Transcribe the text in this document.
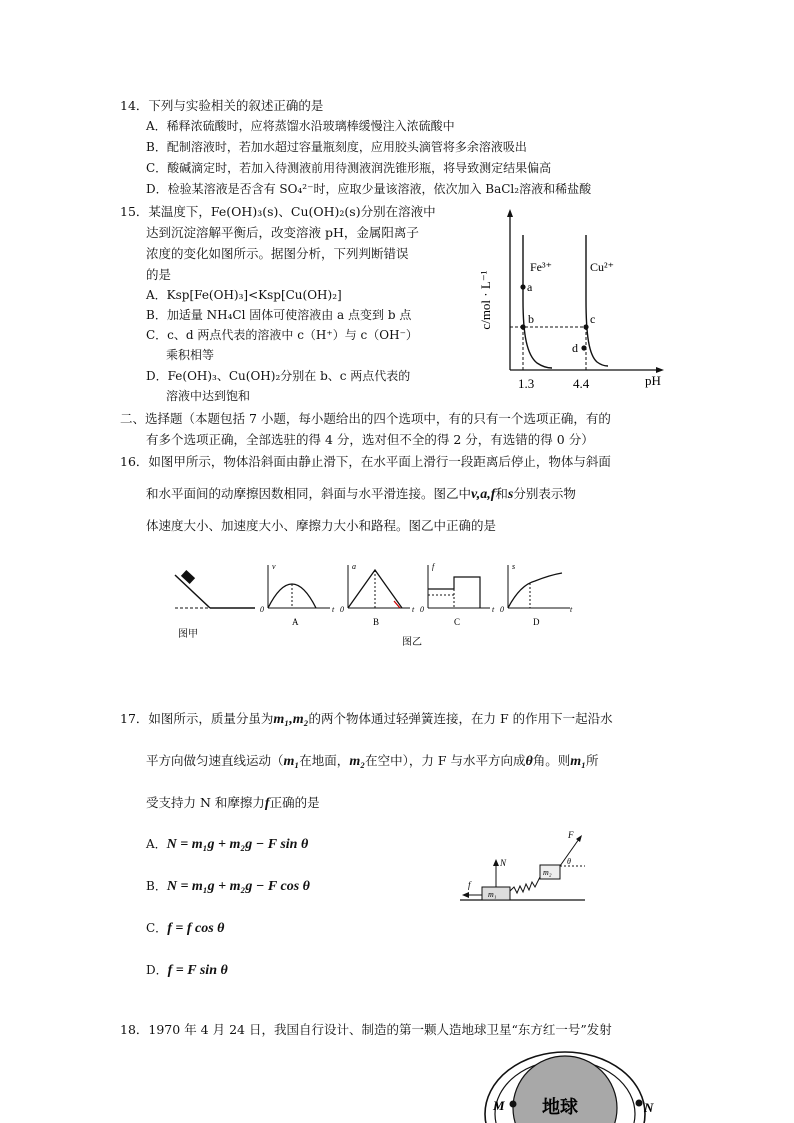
14．下列与实验相关的叙述正确的是
A．稀释浓硫酸时，应将蒸馏水沿玻璃棒缓慢注入浓硫酸中
B．配制溶液时，若加水超过容量瓶刻度，应用胶头滴管将多余溶液吸出
C．酸碱滴定时，若加入待测液前用待测液润洗锥形瓶，将导致测定结果偏高
D．检验某溶液是否含有 SO₄²⁻时，应取少量该溶液，依次加入 BaCl₂溶液和稀盐酸
15．某温度下，Fe(OH)₃(s)、Cu(OH)₂(s)分别在溶液中
达到沉淀溶解平衡后，改变溶液 pH，金属阳离子
浓度的变化如图所示。据图分析，下列判断错误
的是
A．Ksp[Fe(OH)₃]<Ksp[Cu(OH)₂]
B．加适量 NH₄Cl 固体可使溶液由 a 点变到 b 点
C．c、d 两点代表的溶液中 c（H⁺）与 c（OH⁻）
乘积相等
D．Fe(OH)₃、Cu(OH)₂分别在 b、c 两点代表的
溶液中达到饱和
c/mol · L⁻¹
pH
1.3	4.4
Fe³⁺	Cu²⁺
a
b	c
d
二、选择题（本题包括 7 小题，每小题给出的四个选项中，有的只有一个选项正确，有的
有多个选项正确，全部选驻的得 4 分，选对但不全的得 2 分，有选错的得 0 分）
16．如图甲所示，物体沿斜面由静止滑下，在水平面上滑行一段距离后停止，物体与斜面
和水平面间的动摩擦因数相同，斜面与水平滑连接。图乙中v,a,f和s分别表示物
体速度大小、加速度大小、摩擦力大小和路程。图乙中正确的是
图甲
v
0	t
A
a
0	t
B
f
0	t
C
s
0	t
D
图乙
17．如图所示，质量分虽为m₁,m₂的两个物体通过轻弹簧连接，在力 F 的作用下一起沿水
平方向做匀速直线运动（m₁在地面，m₂在空中），力 F 与水平方向成θ角。则m₁所
受支持力 N 和摩擦力f正确的是
A．N = m₁g + m₂g − F sin θ
B．N = m₁g + m₂g − F cos θ
C．f = f cos θ
D．f = F sin θ
m₁
m₂
N
f
F
θ
18．1970 年 4 月 24 日，我国自行设计、制造的第一颗人造地球卫星“东方红一号”发射
地球
M	N
